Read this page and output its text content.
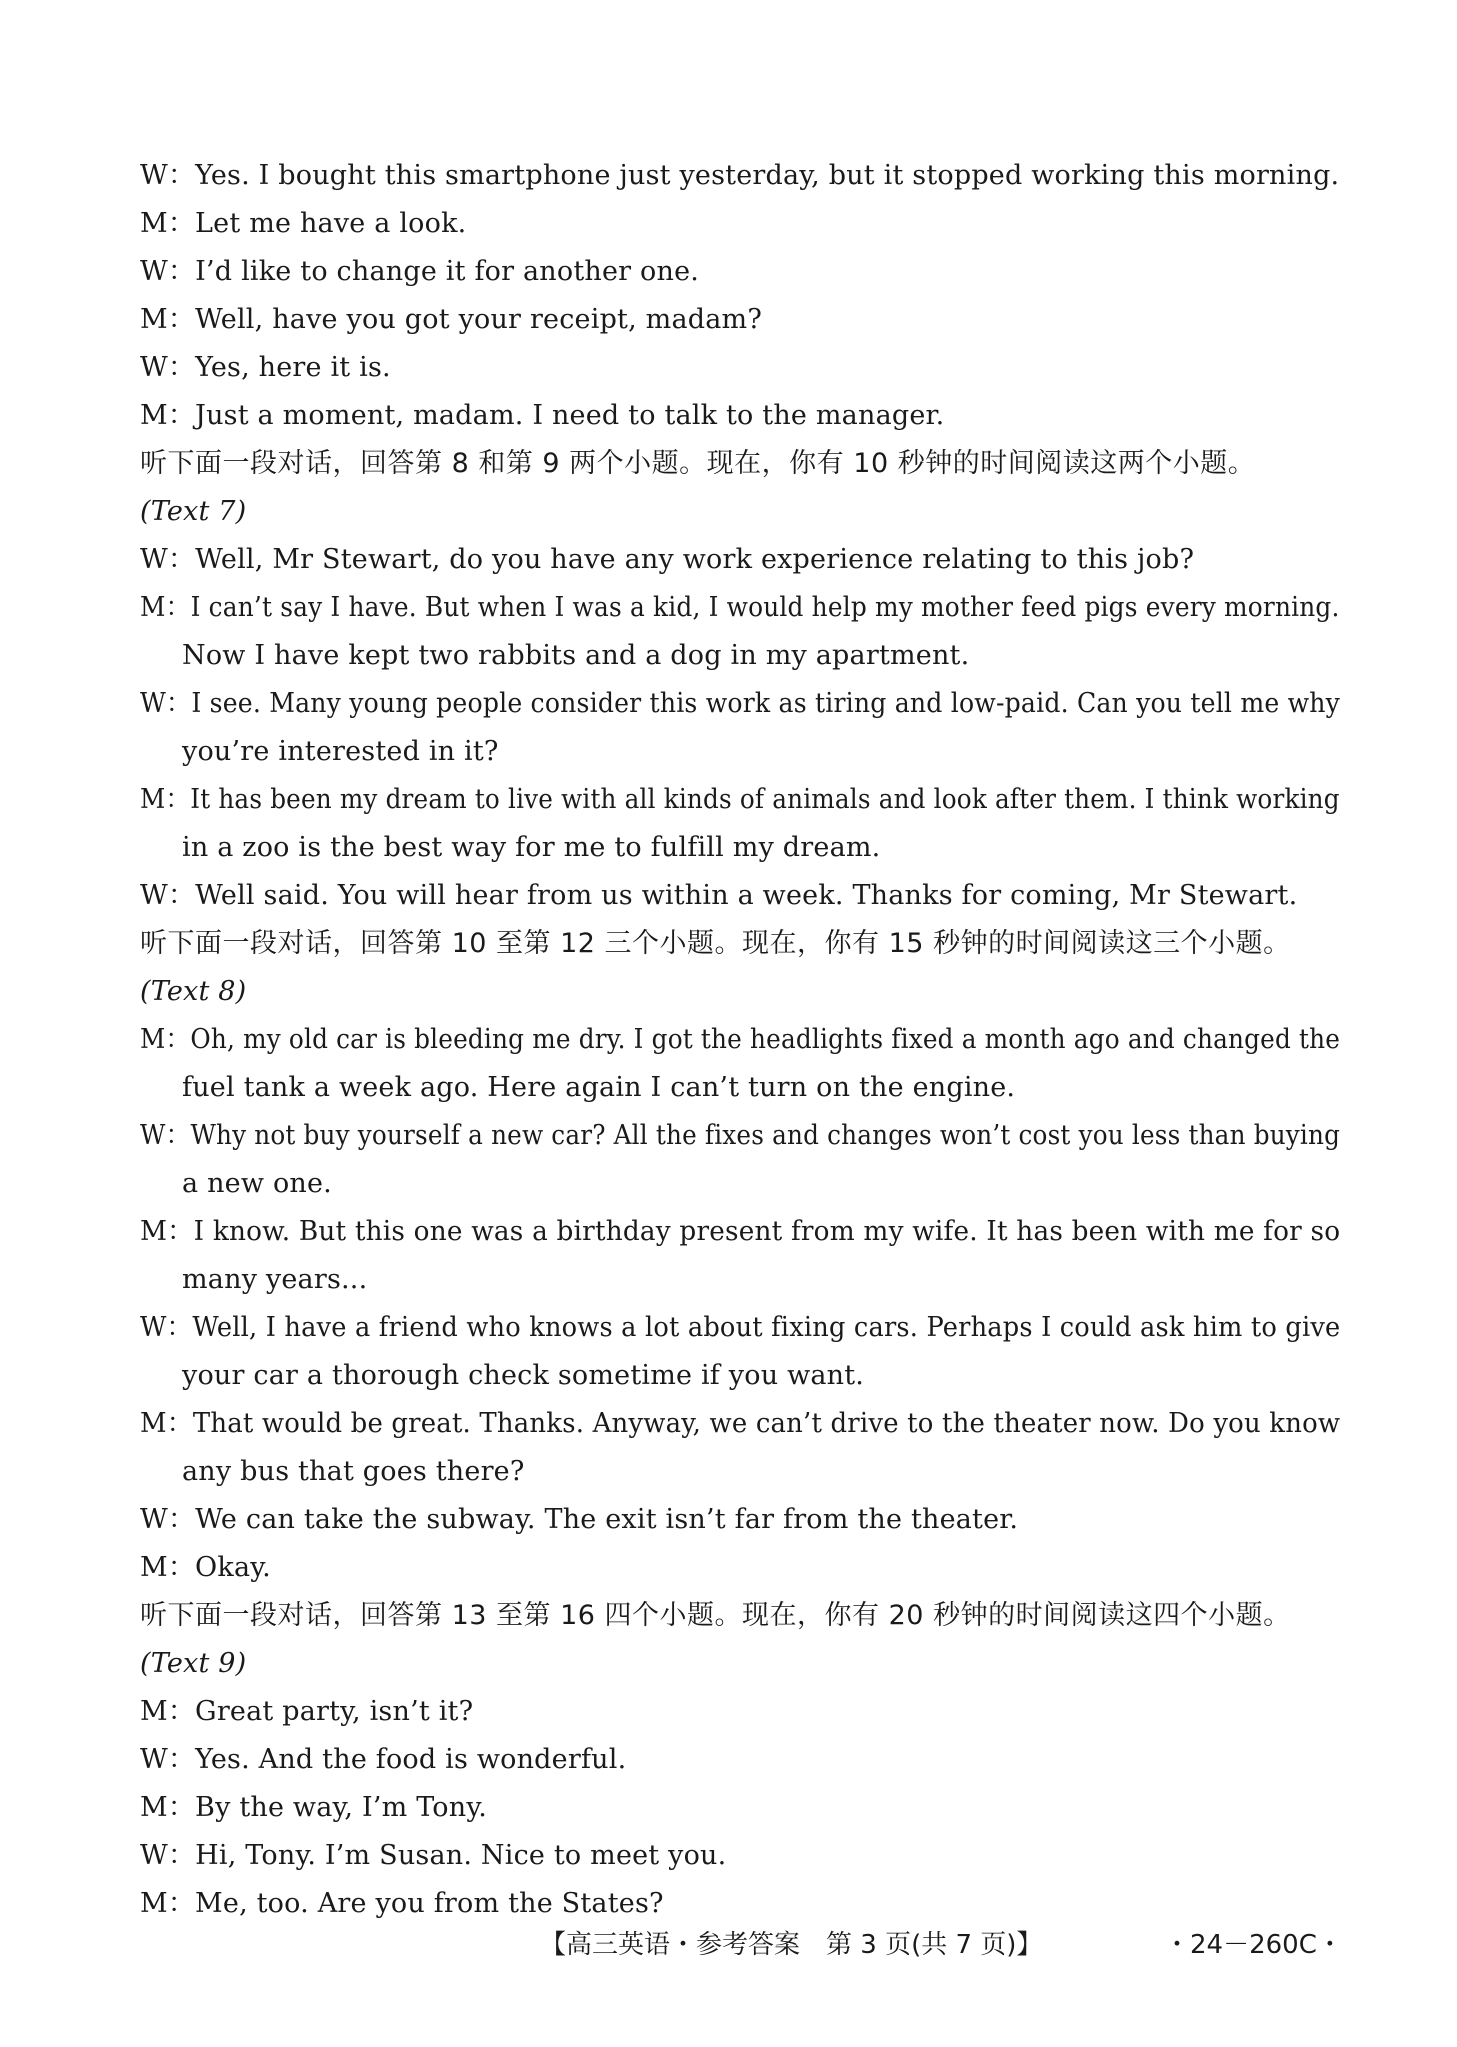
W：Yes. I bought this smartphone just yesterday, but it stopped working this morning.
M：Let me have a look.
W：I’d like to change it for another one.
M：Well, have you got your receipt, madam?
W：Yes, here it is.
M：Just a moment, madam. I need to talk to the manager.
听下面一段对话，回答第 8 和第 9 两个小题。现在，你有 10 秒钟的时间阅读这两个小题。
(Text 7)
W：Well, Mr Stewart, do you have any work experience relating to this job?
M：I can’t say I have. But when I was a kid, I would help my mother feed pigs every morning.
Now I have kept two rabbits and a dog in my apartment.
W：I see. Many young people consider this work as tiring and low-paid. Can you tell me why
you’re interested in it?
M：It has been my dream to live with all kinds of animals and look after them. I think working
in a zoo is the best way for me to fulfill my dream.
W：Well said. You will hear from us within a week. Thanks for coming, Mr Stewart.
听下面一段对话，回答第 10 至第 12 三个小题。现在，你有 15 秒钟的时间阅读这三个小题。
(Text 8)
M：Oh, my old car is bleeding me dry. I got the headlights fixed a month ago and changed the
fuel tank a week ago. Here again I can’t turn on the engine.
W：Why not buy yourself a new car? All the fixes and changes won’t cost you less than buying
a new one.
M：I know. But this one was a birthday present from my wife. It has been with me for so
many years...
W：Well, I have a friend who knows a lot about fixing cars. Perhaps I could ask him to give
your car a thorough check sometime if you want.
M：That would be great. Thanks. Anyway, we can’t drive to the theater now. Do you know
any bus that goes there?
W：We can take the subway. The exit isn’t far from the theater.
M：Okay.
听下面一段对话，回答第 13 至第 16 四个小题。现在，你有 20 秒钟的时间阅读这四个小题。
(Text 9)
M：Great party, isn’t it?
W：Yes. And the food is wonderful.
M：By the way, I’m Tony.
W：Hi, Tony. I’m Susan. Nice to meet you.
M：Me, too. Are you from the States?
【高三英语・参考答案　第 3 页(共 7 页)】	・24－260C・
